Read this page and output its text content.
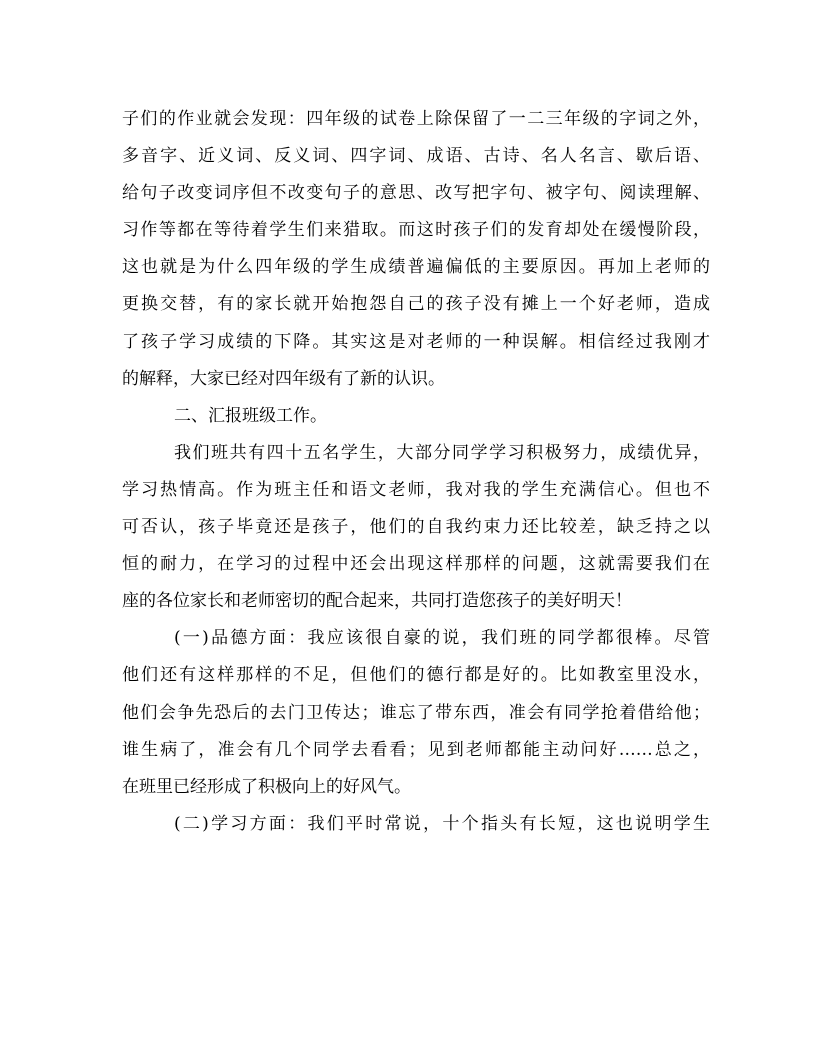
子们的作业就会发现：四年级的试卷上除保留了一二三年级的字词之外，
多音字、近义词、反义词、四字词、成语、古诗、名人名言、歇后语、
给句子改变词序但不改变句子的意思、改写把字句、被字句、阅读理解、
习作等都在等待着学生们来猎取。而这时孩子们的发育却处在缓慢阶段，
这也就是为什么四年级的学生成绩普遍偏低的主要原因。再加上老师的
更换交替，有的家长就开始抱怨自己的孩子没有摊上一个好老师，造成
了孩子学习成绩的下降。其实这是对老师的一种误解。相信经过我刚才
的解释，大家已经对四年级有了新的认识。
二、汇报班级工作。
我们班共有四十五名学生，大部分同学学习积极努力，成绩优异，
学习热情高。作为班主任和语文老师，我对我的学生充满信心。但也不
可否认，孩子毕竟还是孩子，他们的自我约束力还比较差，缺乏持之以
恒的耐力，在学习的过程中还会出现这样那样的问题，这就需要我们在
座的各位家长和老师密切的配合起来，共同打造您孩子的美好明天！
(一)品德方面：我应该很自豪的说，我们班的同学都很棒。尽管
他们还有这样那样的不足，但他们的德行都是好的。比如教室里没水，
他们会争先恐后的去门卫传达；谁忘了带东西，准会有同学抢着借给他；
谁生病了，准会有几个同学去看看；见到老师都能主动问好……总之，
在班里已经形成了积极向上的好风气。
(二)学习方面：我们平时常说，十个指头有长短，这也说明学生
